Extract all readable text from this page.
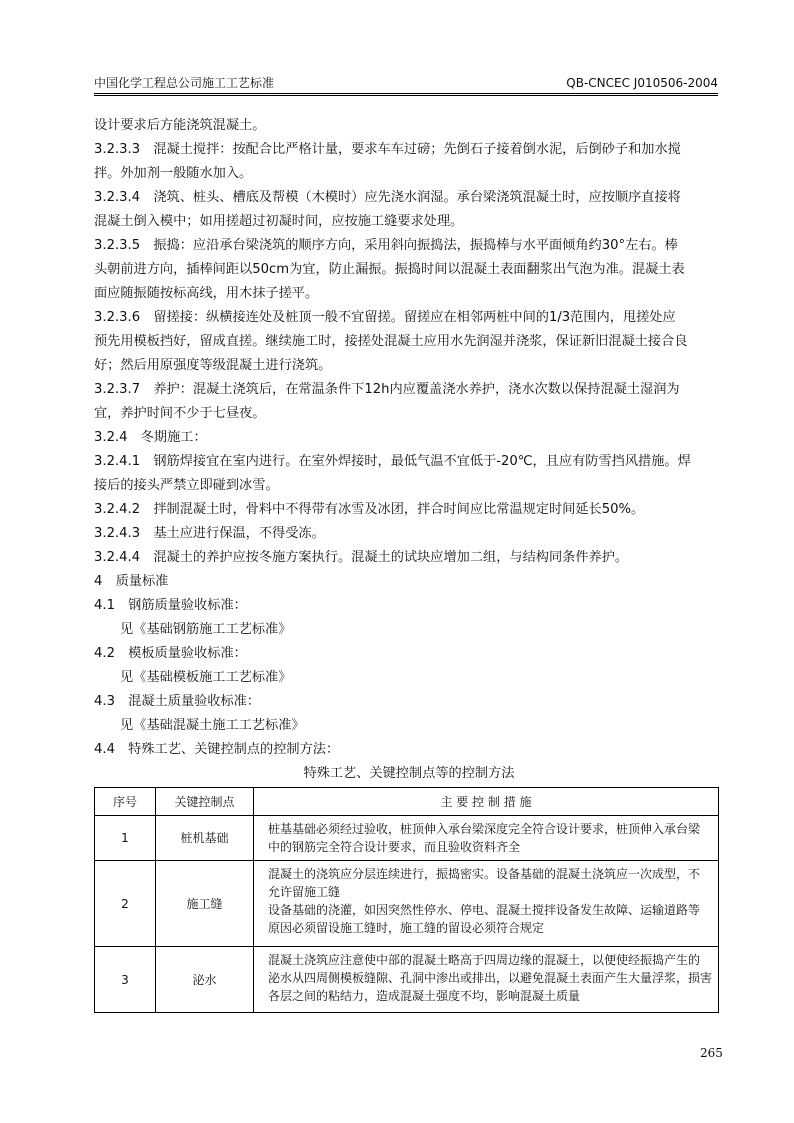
中国化学工程总公司施工工艺标准	QB-CNCEC J010506-2004
设计要求后方能浇筑混凝土。
3.2.3.3　混凝土搅拌：按配合比严格计量，要求车车过磅；先倒石子接着倒水泥，后倒砂子和加水搅
拌。外加剂一般随水加入。
3.2.3.4　浇筑、桩头、槽底及帮模（木模时）应先浇水润湿。承台梁浇筑混凝土时，应按顺序直接将
混凝土倒入模中；如用搓超过初凝时间，应按施工缝要求处理。
3.2.3.5　振捣：应沿承台梁浇筑的顺序方向，采用斜向振捣法，振捣棒与水平面倾角约30°左右。棒
头朝前进方向，插棒间距以50cm为宜，防止漏振。振捣时间以混凝土表面翻浆出气泡为准。混凝土表
面应随振随按标高线，用木抹子搓平。
3.2.3.6　留搓接：纵横接连处及桩顶一般不宜留搓。留搓应在相邻两桩中间的1/3范围内，甩搓处应
预先用模板挡好，留成直搓。继续施工时，接搓处混凝土应用水先润湿并浇浆，保证新旧混凝土接合良
好；然后用原强度等级混凝土进行浇筑。
3.2.3.7　养护：混凝土浇筑后，在常温条件下12h内应覆盖浇水养护，浇水次数以保持混凝土湿润为
宜，养护时间不少于七昼夜。
3.2.4　冬期施工：
3.2.4.1　钢筋焊接宜在室内进行。在室外焊接时，最低气温不宜低于-20℃，且应有防雪挡风措施。焊
接后的接头严禁立即碰到冰雪。
3.2.4.2　拌制混凝土时，骨料中不得带有冰雪及冰团，拌合时间应比常温规定时间延长50%。
3.2.4.3　基土应进行保温，不得受冻。
3.2.4.4　混凝土的养护应按冬施方案执行。混凝土的试块应增加二组，与结构同条件养护。
4　质量标准
4.1　钢筋质量验收标准：
见《基础钢筋施工工艺标准》
4.2　模板质量验收标准：
见《基础模板施工工艺标准》
4.3　混凝土质量验收标准：
见《基础混凝土施工工艺标准》
4.4　特殊工艺、关键控制点的控制方法：
特殊工艺、关键控制点等的控制方法
序号	关键控制点	主 要 控 制 措 施
1	桩机基础	桩基基础必须经过验收，桩顶伸入承台梁深度完全符合设计要求，桩顶伸入承台梁
中的钢筋完全符合设计要求，而且验收资料齐全

2	施工缝	混凝土的浇筑应分层连续进行，振捣密实。设备基础的混凝土浇筑应一次成型，不
允许留施工缝
设备基础的浇灌，如因突然性停水、停电、混凝土搅拌设备发生故障、运输道路等
原因必须留设施工缝时，施工缝的留设必须符合规定

3	泌水	混凝土浇筑应注意使中部的混凝土略高于四周边缘的混凝土，以便使经振捣产生的
泌水从四周侧模板缝隙、孔洞中渗出或排出，以避免混凝土表面产生大量浮浆，损害
各层之间的粘结力，造成混凝土强度不均，影响混凝土质量
265
